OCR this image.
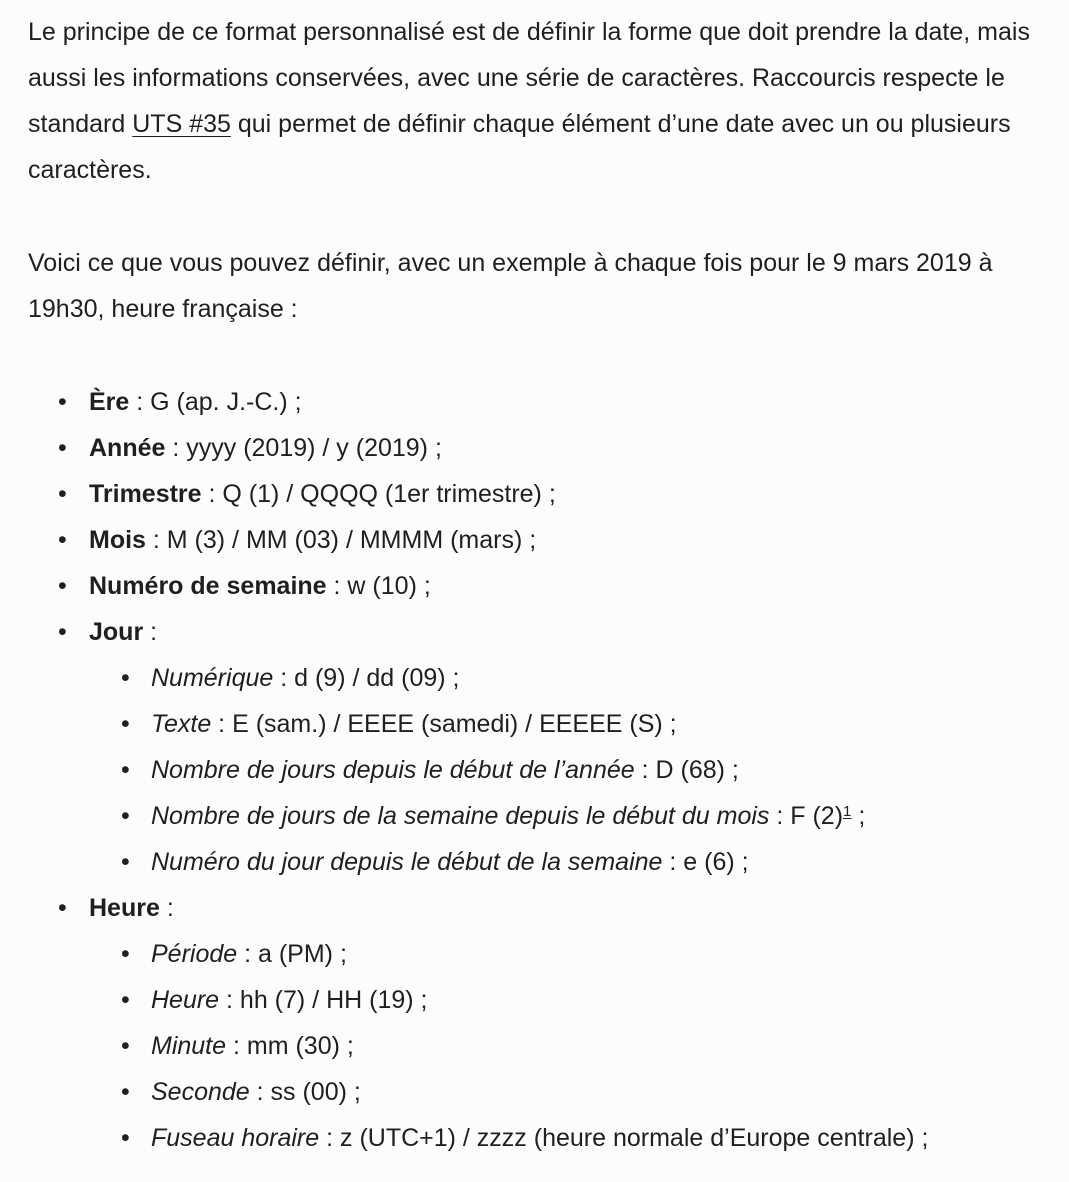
Le principe de ce format personnalisé est de définir la forme que doit prendre la date, mais aussi les informations conservées, avec une série de caractères. Raccourcis respecte le standard UTS #35 qui permet de définir chaque élément d’une date avec un ou plusieurs caractères.

Voici ce que vous pouvez définir, avec un exemple à chaque fois pour le 9 mars 2019 à 19h30, heure française :

• Ère : G (ap. J.-C.) ;
• Année : yyyy (2019) / y (2019) ;
• Trimestre : Q (1) / QQQQ (1er trimestre) ;
• Mois : M (3) / MM (03) / MMMM (mars) ;
• Numéro de semaine : w (10) ;
• Jour :
• Numérique : d (9) / dd (09) ;
• Texte : E (sam.) / EEEE (samedi) / EEEEE (S) ;
• Nombre de jours depuis le début de l’année : D (68) ;
• Nombre de jours de la semaine depuis le début du mois : F (2)$^1$ ;
• Numéro du jour depuis le début de la semaine : e (6) ;
• Heure :
• Période : a (PM) ;
• Heure : hh (7) / HH (19) ;
• Minute : mm (30) ;
• Seconde : ss (00) ;
• Fuseau horaire : z (UTC+1) / zzzz (heure normale d’Europe centrale) ;
